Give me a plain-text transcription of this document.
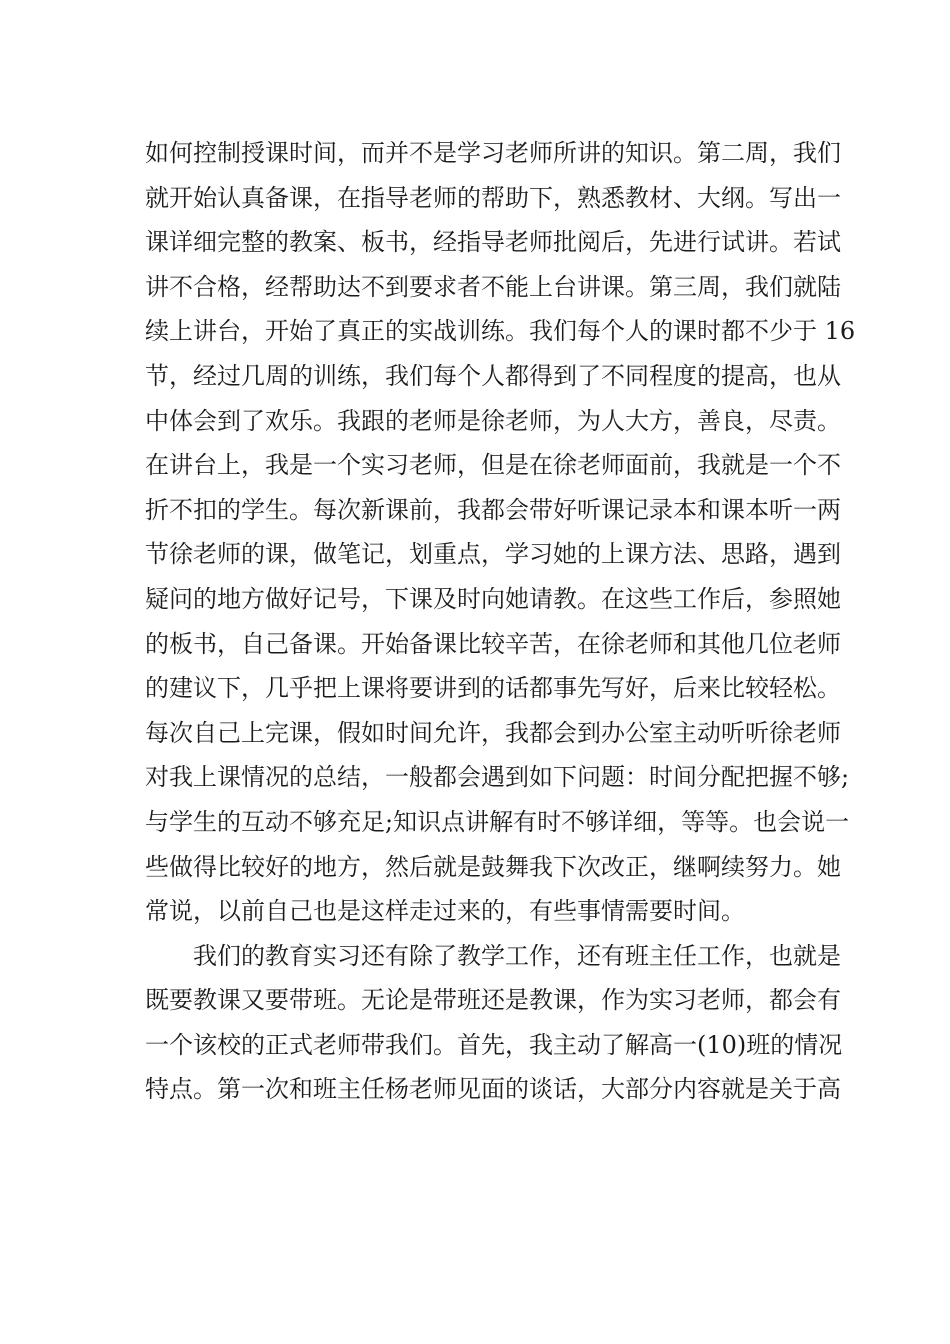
如何控制授课时间，而并不是学习老师所讲的知识。第二周，我们
就开始认真备课，在指导老师的帮助下，熟悉教材、大纲。写出一
课详细完整的教案、板书，经指导老师批阅后，先进行试讲。若试
讲不合格，经帮助达不到要求者不能上台讲课。第三周，我们就陆
续上讲台，开始了真正的实战训练。我们每个人的课时都不少于 16
节，经过几周的训练，我们每个人都得到了不同程度的提高，也从
中体会到了欢乐。我跟的老师是徐老师，为人大方，善良，尽责。
在讲台上，我是一个实习老师，但是在徐老师面前，我就是一个不
折不扣的学生。每次新课前，我都会带好听课记录本和课本听一两
节徐老师的课，做笔记，划重点，学习她的上课方法、思路，遇到
疑问的地方做好记号，下课及时向她请教。在这些工作后，参照她
的板书，自己备课。开始备课比较辛苦，在徐老师和其他几位老师
的建议下，几乎把上课将要讲到的话都事先写好，后来比较轻松。
每次自己上完课，假如时间允许，我都会到办公室主动听听徐老师
对我上课情况的总结，一般都会遇到如下问题：时间分配把握不够;
与学生的互动不够充足;知识点讲解有时不够详细，等等。也会说一
些做得比较好的地方，然后就是鼓舞我下次改正，继啊续努力。她
常说，以前自己也是这样走过来的，有些事情需要时间。
我们的教育实习还有除了教学工作，还有班主任工作，也就是
既要教课又要带班。无论是带班还是教课，作为实习老师，都会有
一个该校的正式老师带我们。首先，我主动了解高一(10)班的情况
特点。第一次和班主任杨老师见面的谈话，大部分内容就是关于高
